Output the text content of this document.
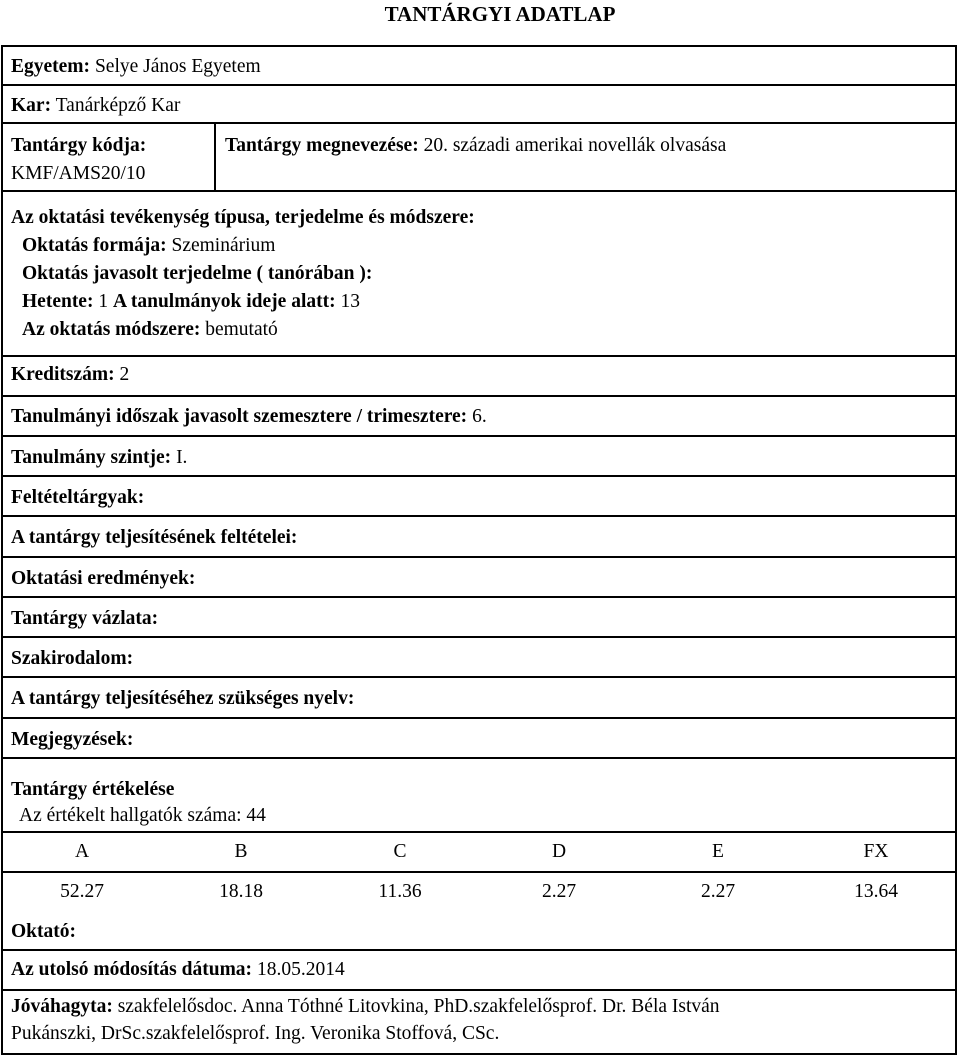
TANTÁRGYI ADATLAP
Egyetem: Selye János Egyetem
Kar: Tanárképző Kar
Tantárgy kódja:
KMF/AMS20/10
Tantárgy megnevezése: 20. századi amerikai novellák olvasása
Az oktatási tevékenység típusa, terjedelme és módszere:
Oktatás formája: Szeminárium
Oktatás javasolt terjedelme ( tanórában ):
Hetente: 1 A tanulmányok ideje alatt: 13
Az oktatás módszere: bemutató
Kreditszám: 2
Tanulmányi időszak javasolt szemesztere / trimesztere: 6.
Tanulmány szintje: I.
Feltételtárgyak:
A tantárgy teljesítésének feltételei:
Oktatási eredmények:
Tantárgy vázlata:
Szakirodalom:
A tantárgy teljesítéséhez szükséges nyelv:
Megjegyzések:
Tantárgy értékelése
Az értékelt hallgatók száma: 44
A	B	C	D	E	FX
52.27	18.18	11.36	2.27	2.27	13.64
Oktató:
Az utolsó módosítás dátuma: 18.05.2014
Jóváhagyta: szakfelelősdoc. Anna Tóthné Litovkina, PhD.szakfelelősprof. Dr. Béla István
Pukánszki, DrSc.szakfelelősprof. Ing. Veronika Stoffová, CSc.
